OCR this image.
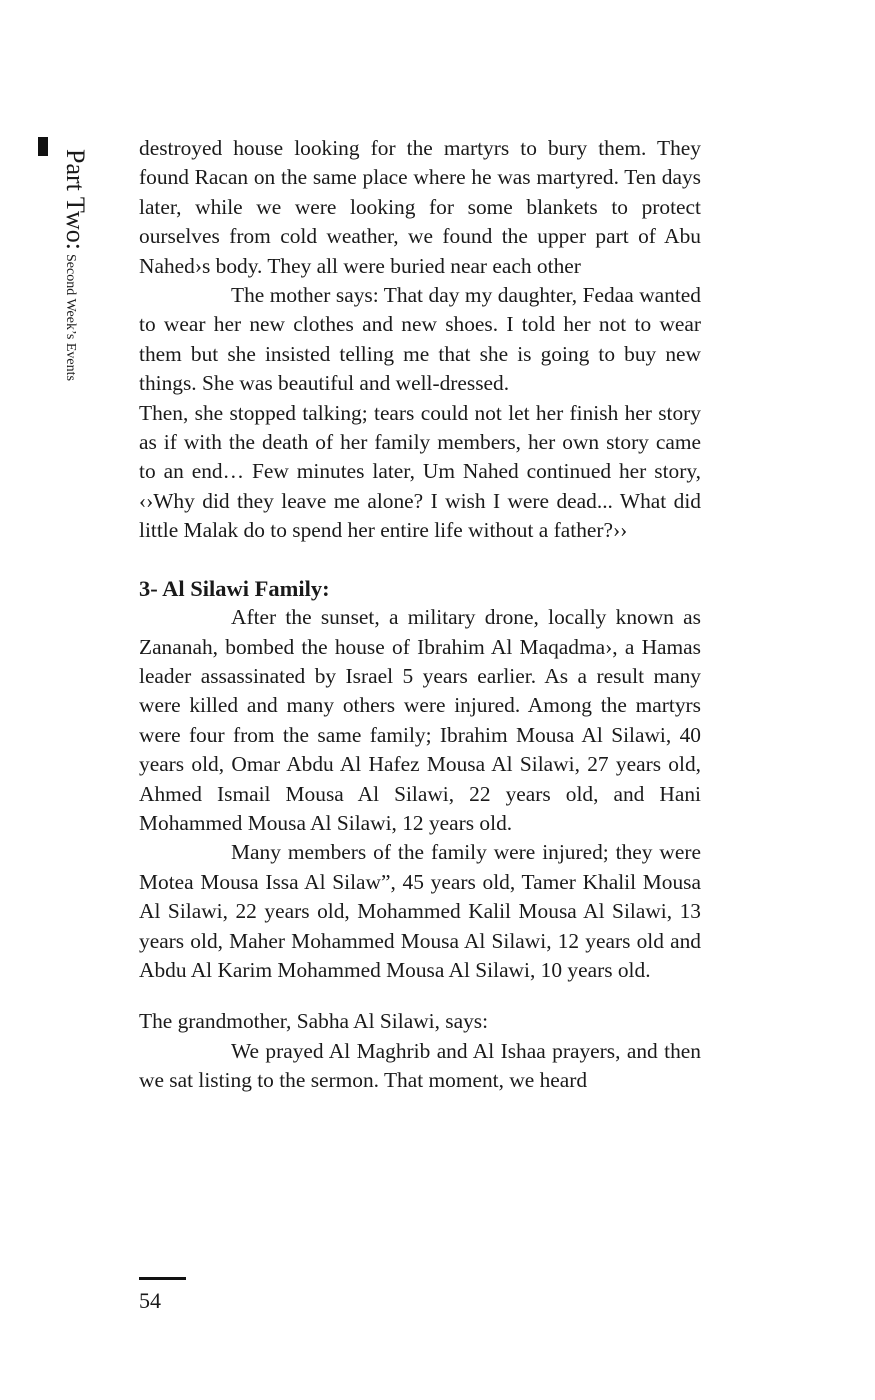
Part Two: Second Week’s Events

destroyed house looking for the martyrs to bury them. They found Racan on the same place where he was martyred. Ten days later, while we were looking for some blankets to protect ourselves from cold weather, we found the upper part of Abu Nahed›s body. They all were buried near each other

The mother says: That day my daughter, Fedaa wanted to wear her new clothes and new shoes. I told her not to wear them but she insisted telling me that she is going to buy new things. She was beautiful and well-dressed.

Then, she stopped talking; tears could not let her finish her story as if with the death of her family members, her own story came to an end… Few minutes later, Um Nahed continued her story, ‹›Why did they leave me alone? I wish I were dead... What did little Malak do to spend her entire life without a father?››

3- Al Silawi Family:

After the sunset, a military drone, locally known as Zananah, bombed the house of Ibrahim Al Maqadma›, a Hamas leader assassinated by Israel 5 years earlier. As a result many were killed and many others were injured. Among the martyrs were four from the same family; Ibrahim Mousa Al Silawi, 40 years old, Omar Abdu Al Hafez Mousa Al Silawi, 27 years old, Ahmed Ismail Mousa Al Silawi, 22 years old, and Hani Mohammed Mousa Al Silawi, 12 years old.

Many members of the family were injured; they were Motea Mousa Issa Al Silaw”, 45 years old, Tamer Khalil Mousa Al Silawi, 22 years old, Mohammed Kalil Mousa Al Silawi, 13 years old, Maher Mohammed Mousa Al Silawi, 12 years old and Abdu Al Karim Mohammed Mousa Al Silawi, 10 years old.

The grandmother, Sabha Al Silawi, says:

We prayed Al Maghrib and Al Ishaa prayers, and then we sat listing to the sermon. That moment, we heard

54
